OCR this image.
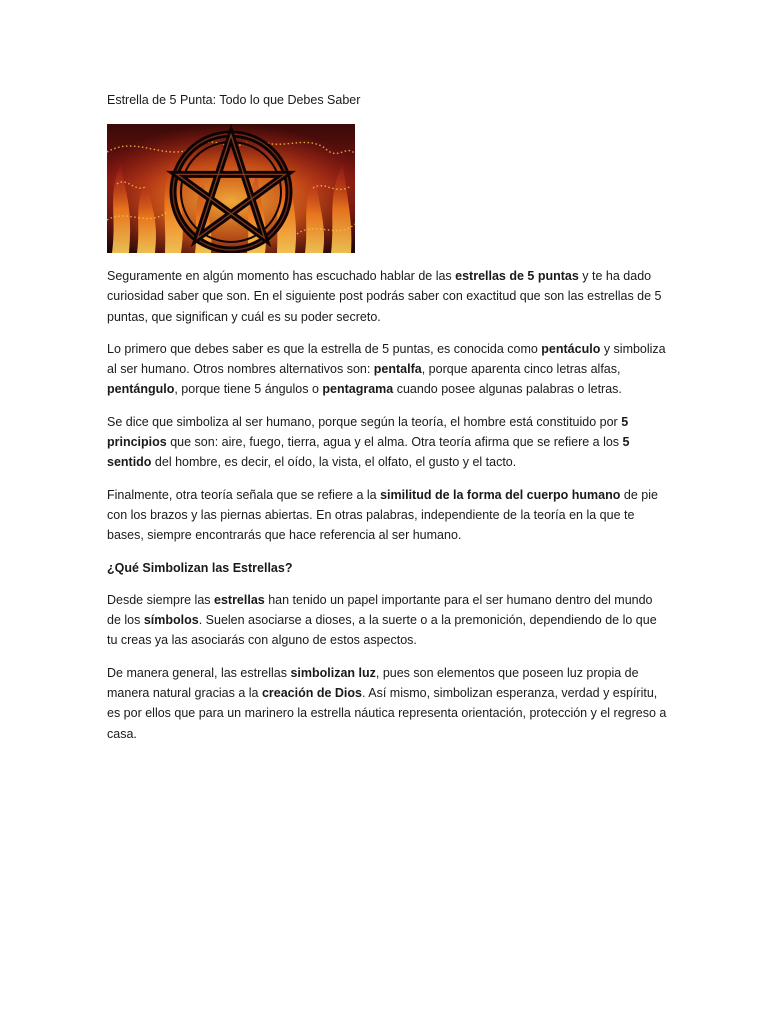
Estrella de 5 Punta: Todo lo que Debes Saber

Seguramente en algún momento has escuchado hablar de las estrellas de 5 puntas y te ha dado curiosidad saber que son. En el siguiente post podrás saber con exactitud que son las estrellas de 5 puntas, que significan y cuál es su poder secreto.

Lo primero que debes saber es que la estrella de 5 puntas, es conocida como pentáculo y simboliza al ser humano. Otros nombres alternativos son: pentalfa, porque aparenta cinco letras alfas, pentángulo, porque tiene 5 ángulos o pentagrama cuando posee algunas palabras o letras.

Se dice que simboliza al ser humano, porque según la teoría, el hombre está constituido por 5 principios que son: aire, fuego, tierra, agua y el alma. Otra teoría afirma que se refiere a los 5 sentido del hombre, es decir, el oído, la vista, el olfato, el gusto y el tacto.

Finalmente, otra teoría señala que se refiere a la similitud de la forma del cuerpo humano de pie con los brazos y las piernas abiertas. En otras palabras, independiente de la teoría en la que te bases, siempre encontrarás que hace referencia al ser humano.

¿Qué Simbolizan las Estrellas?

Desde siempre las estrellas han tenido un papel importante para el ser humano dentro del mundo de los símbolos. Suelen asociarse a dioses, a la suerte o a la premonición, dependiendo de lo que tu creas ya las asociarás con alguno de estos aspectos.

De manera general, las estrellas simbolizan luz, pues son elementos que poseen luz propia de manera natural gracias a la creación de Dios. Así mismo, simbolizan esperanza, verdad y espíritu, es por ellos que para un marinero la estrella náutica representa orientación, protección y el regreso a casa.
